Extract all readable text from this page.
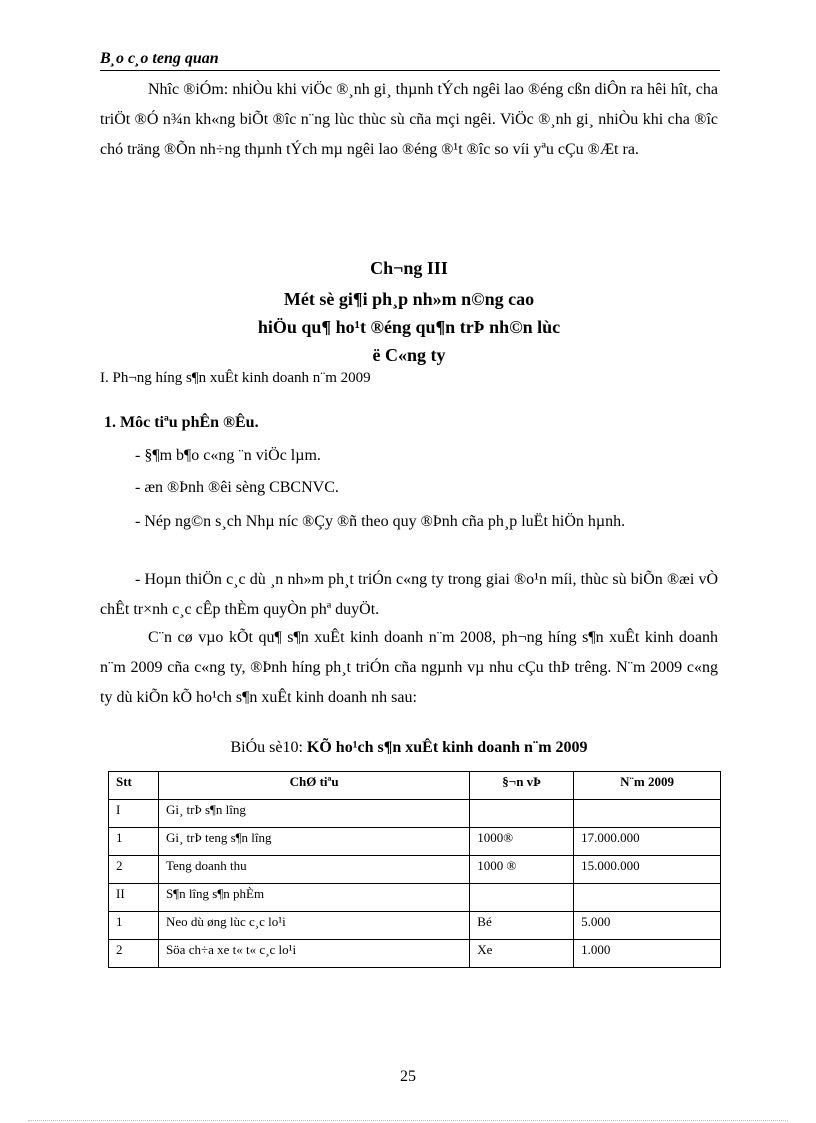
B¸o c¸o teng quan
Nhîc ®iÓm: nhiÒu khi viÖc ®¸nh gi¸ thµnh tÝch ngêi lao ®éng cßn diÔn ra hêi hît, cha triÖt ®Ó n¾n kh«ng biÕt ®îc n¨ng lùc thùc sù cña mçi ngêi. ViÖc ®¸nh gi¸ nhiÒu khi cha ®îc chó träng ®Õn nh÷ng thµnh tÝch mµ ngêi lao ®éng ®¹t ®îc so víi yªu cÇu ®Æt ra.
Ch¬ng III
Mét sè gi¶i ph¸p nh»m n©ng cao
hiÖu qu¶ ho¹t ®éng qu¶n trÞ nh©n lùc
ë C«ng ty
I. Ph¬ng híng s¶n xuÊt kinh doanh n¨m 2009
1. Môc tiªu phÊn ®Êu.
- §¶m b¶o c«ng ¨n viÖc lµm.
- æn ®Þnh ®êi sèng CBCNVC.
- Nép ng©n s¸ch Nhµ níc ®Çy ®ñ theo quy ®Þnh cña ph¸p luËt hiÖn hµnh.
- Hoµn thiÖn c¸c dù ¸n nh»m ph¸t triÓn c«ng ty trong giai ®o¹n míi, thùc sù biÕn ®æi vÒ chÊt tr×nh c¸c cÊp thÈm quyÒn phª duyÖt.
C¨n cø vµo kÕt qu¶ s¶n xuÊt kinh doanh n¨m 2008, ph¬ng híng s¶n xuÊt kinh doanh n¨m 2009 cña c«ng ty, ®Þnh híng ph¸t triÓn cña ngµnh vµ nhu cÇu thÞ trêng. N¨m 2009 c«ng ty dù kiÕn kÕ ho¹ch s¶n xuÊt kinh doanh nh sau:
BiÓu sè10: KÕ ho¹ch s¶n xuÊt kinh doanh n¨m 2009
Stt	ChØ tiªu	§¬n vÞ	N¨m 2009
I	Gi¸ trÞ s¶n lîng		
1	Gi¸ trÞ teng s¶n lîng	1000®	17.000.000
2	Teng doanh thu	1000 ®	15.000.000
II	S¶n lîng s¶n phÈm		
1	Neo dù øng lùc c¸c lo¹i	Bé	5.000
2	Söa ch÷a xe t« t« c¸c lo¹i	Xe	1.000
25
